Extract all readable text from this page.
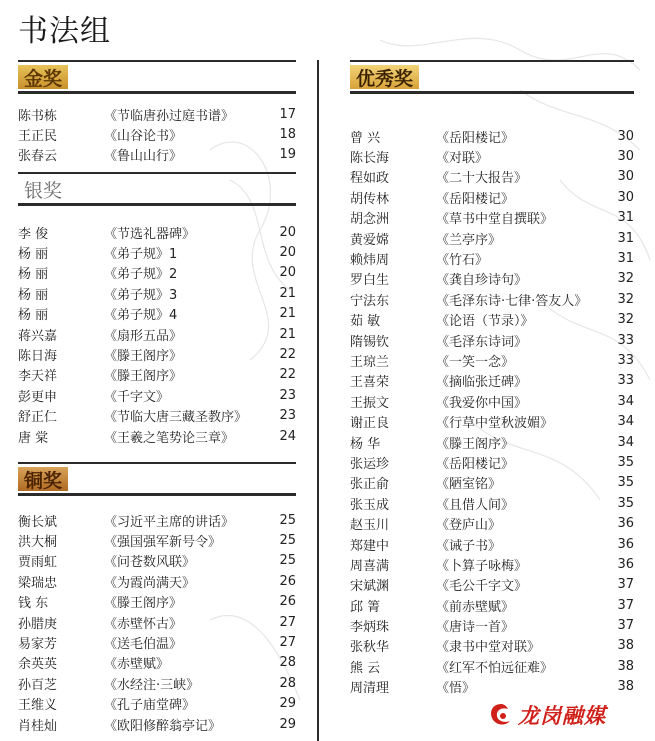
书法组
金奖
陈书栋	《节临唐孙过庭书谱》	17
王正民	《山谷论书》	18
张春云	《鲁山山行》	19
银奖
李 俊	《节选礼器碑》	20
杨 丽	《弟子规》1	20
杨 丽	《弟子规》2	20
杨 丽	《弟子规》3	21
杨 丽	《弟子规》4	21
蒋兴嘉	《扇形五品》	21
陈日海	《滕王阁序》	22
李天祥	《滕王阁序》	22
彭更申	《千字文》	23
舒正仁	《节临大唐三藏圣教序》	23
唐 棠	《王羲之笔势论三章》	24
铜奖
衡长斌	《习近平主席的讲话》	25
洪大桐	《强国强军新号令》	25
贾雨虹	《问苍数风联》	25
梁瑞忠	《为霞尚满天》	26
钱 东	《滕王阁序》	26
孙腊庚	《赤壁怀古》	27
易家芳	《送毛伯温》	27
余英英	《赤壁赋》	28
孙百芝	《水经注·三峡》	28
王维义	《孔子庙堂碑》	29
肖桂灿	《欧阳修醉翁亭记》	29
优秀奖
曾 兴	《岳阳楼记》	30
陈长海	《对联》	30
程如政	《二十大报告》	30
胡传林	《岳阳楼记》	30
胡念洲	《草书中堂自撰联》	31
黄爱嫦	《兰亭序》	31
赖炜周	《竹石》	31
罗白生	《龚自珍诗句》	32
宁法东	《毛泽东诗·七律·答友人》	32
茹 敏	《论语（节录）》	32
隋锡钦	《毛泽东诗词》	33
王琼兰	《一笑一念》	33
王喜荣	《摘临张迁碑》	33
王振文	《我爱你中国》	34
谢正良	《行草中堂秋波媚》	34
杨 华	《滕王阁序》	34
张运珍	《岳阳楼记》	35
张正俞	《陋室铭》	35
张玉成	《且借人间》	35
赵玉川	《登庐山》	36
郑建中	《诫子书》	36
周喜满	《卜算子咏梅》	36
宋斌渊	《毛公千字文》	37
邱 箐	《前赤壁赋》	37
李炳珠	《唐诗一首》	37
张秋华	《隶书中堂对联》	38
熊 云	《红军不怕远征难》	38
周清理	《悟》	38
龙岗融媒
